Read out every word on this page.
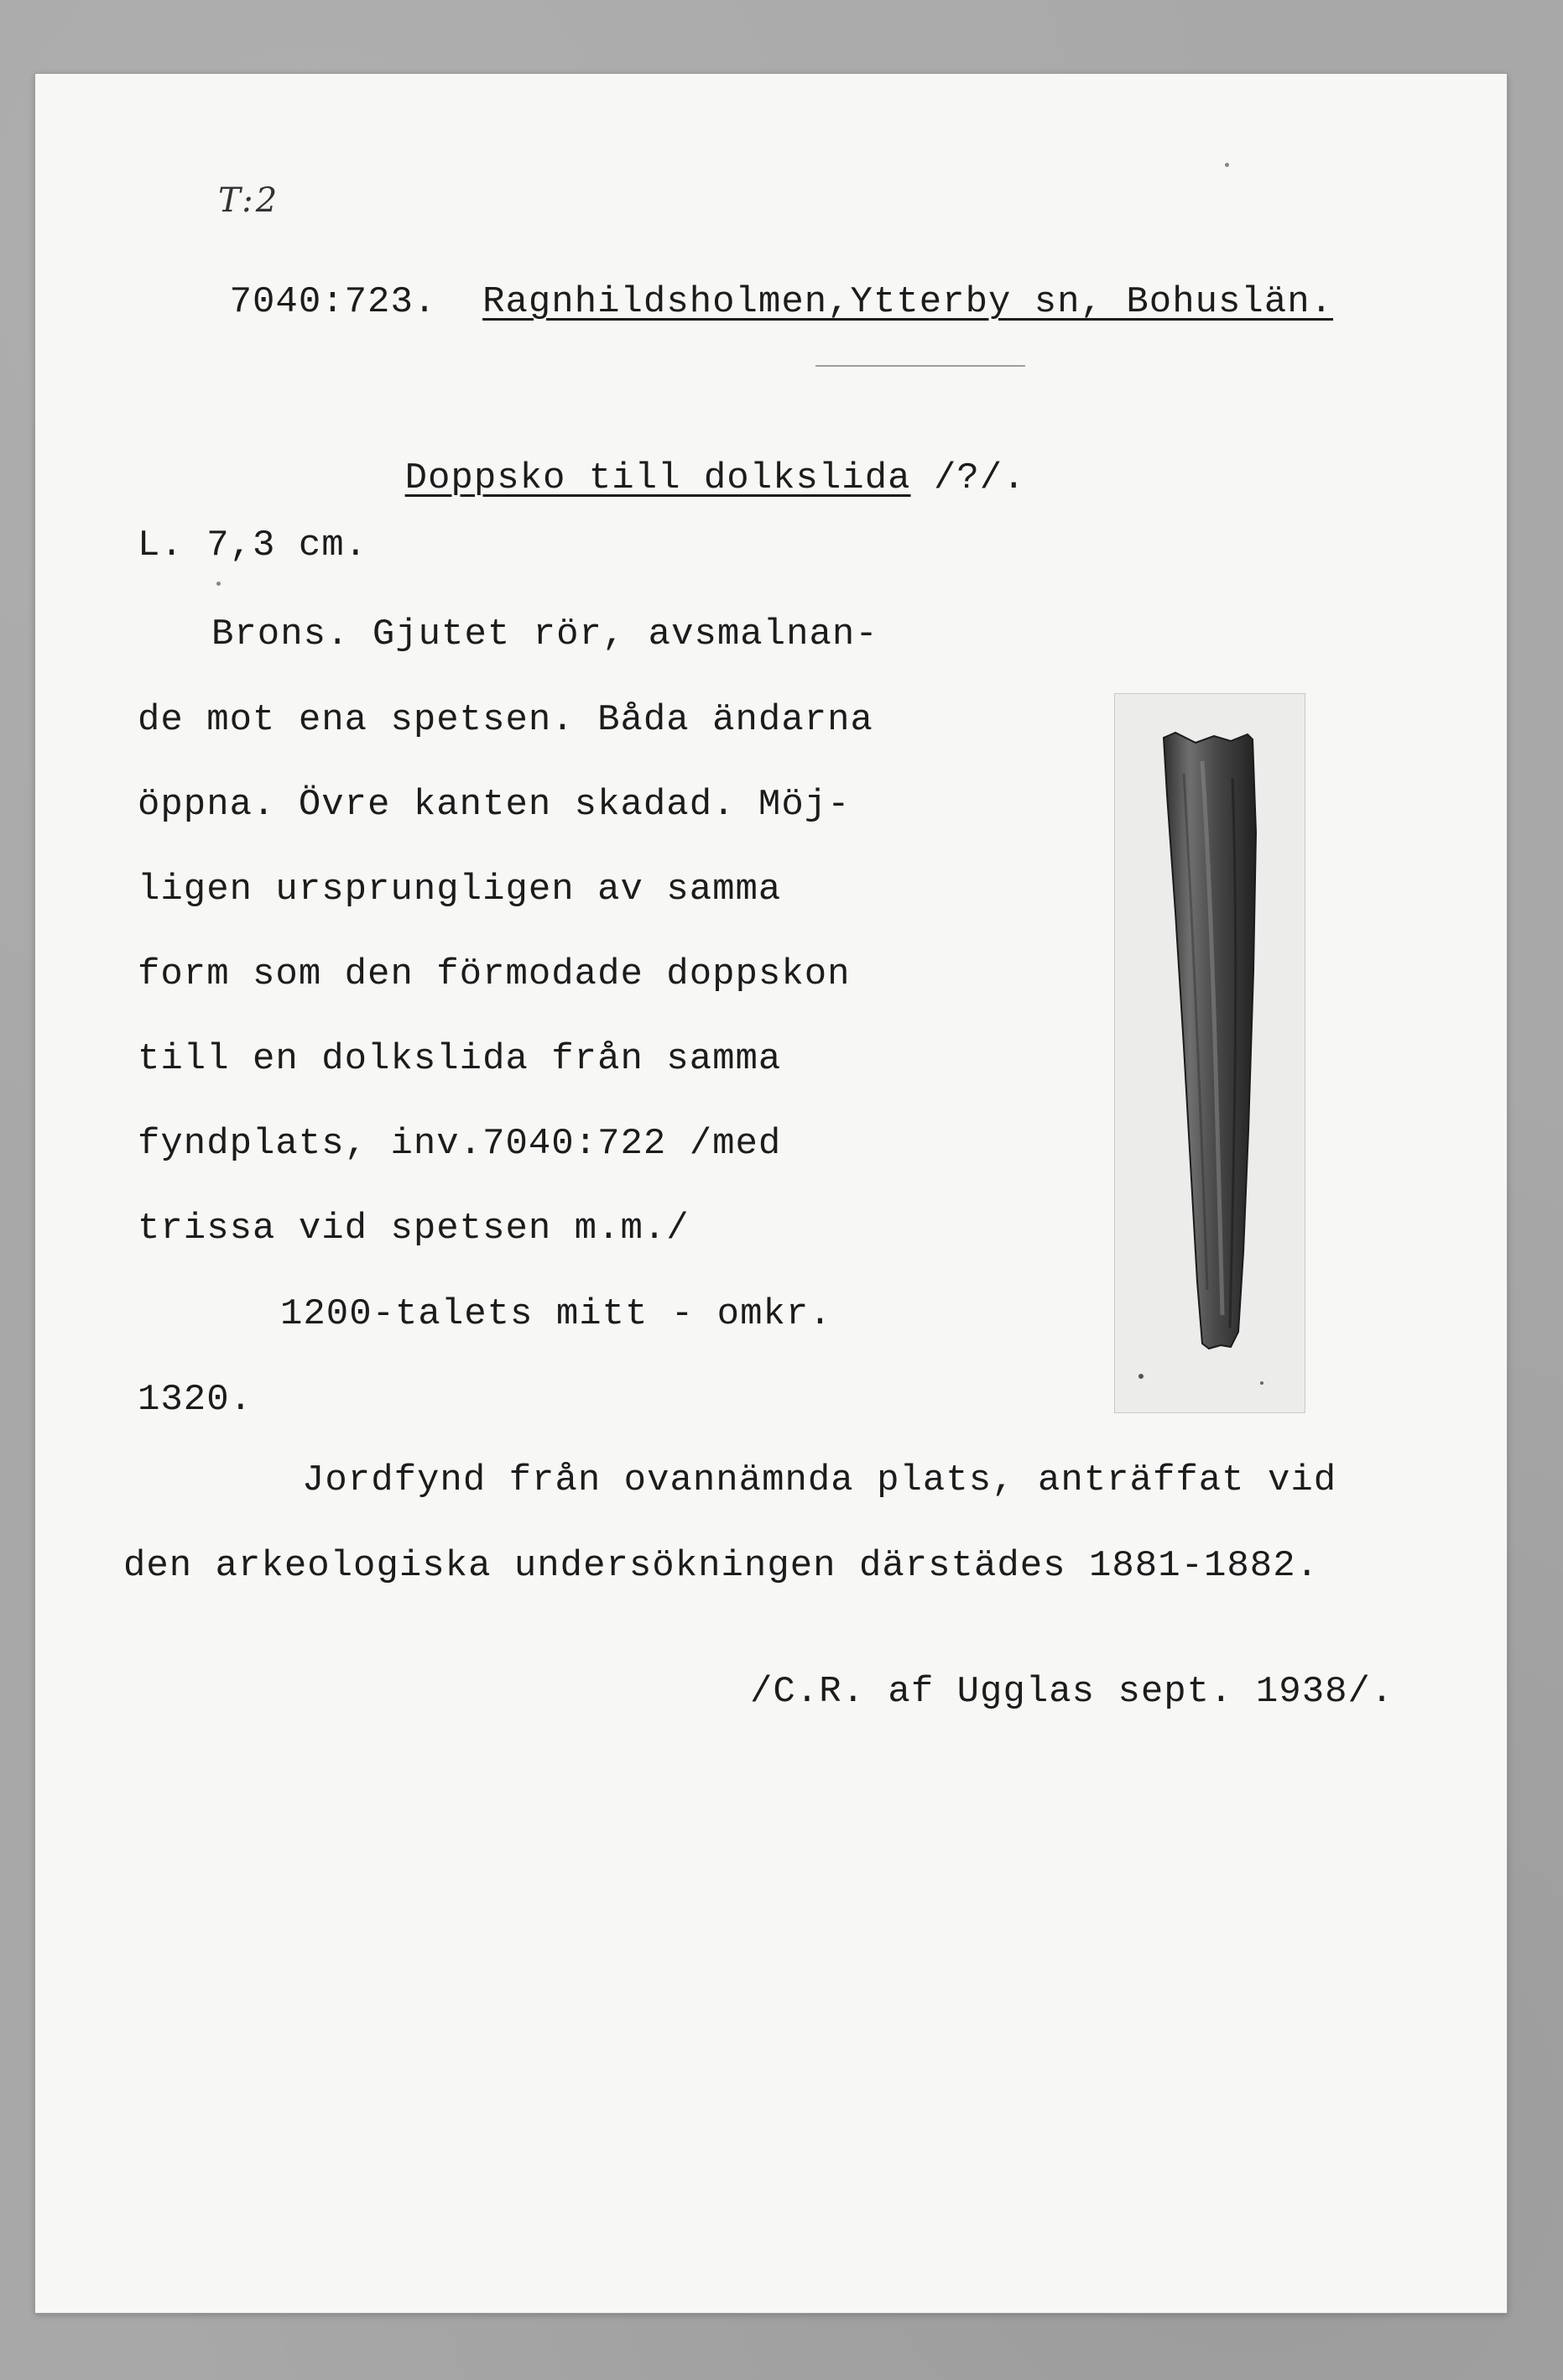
T:2

7040:723. Ragnhildsholmen,Ytterby sn, Bohuslän.

Doppsko till dolkslida /?/.

L. 7,3 cm.
Brons. Gjutet rör, avsmalnan-
de mot ena spetsen. Båda ändarna
öppna. Övre kanten skadad. Möj-
ligen ursprungligen av samma
form som den förmodade doppskon
till en dolkslida från samma
fyndplats, inv.7040:722 /med
trissa vid spetsen m.m./
1200-talets mitt - omkr.
1320.
Jordfynd från ovannämnda plats, anträffat vid
den arkeologiska undersökningen därstädes 1881-1882.
/C.R. af Ugglas sept. 1938/.
